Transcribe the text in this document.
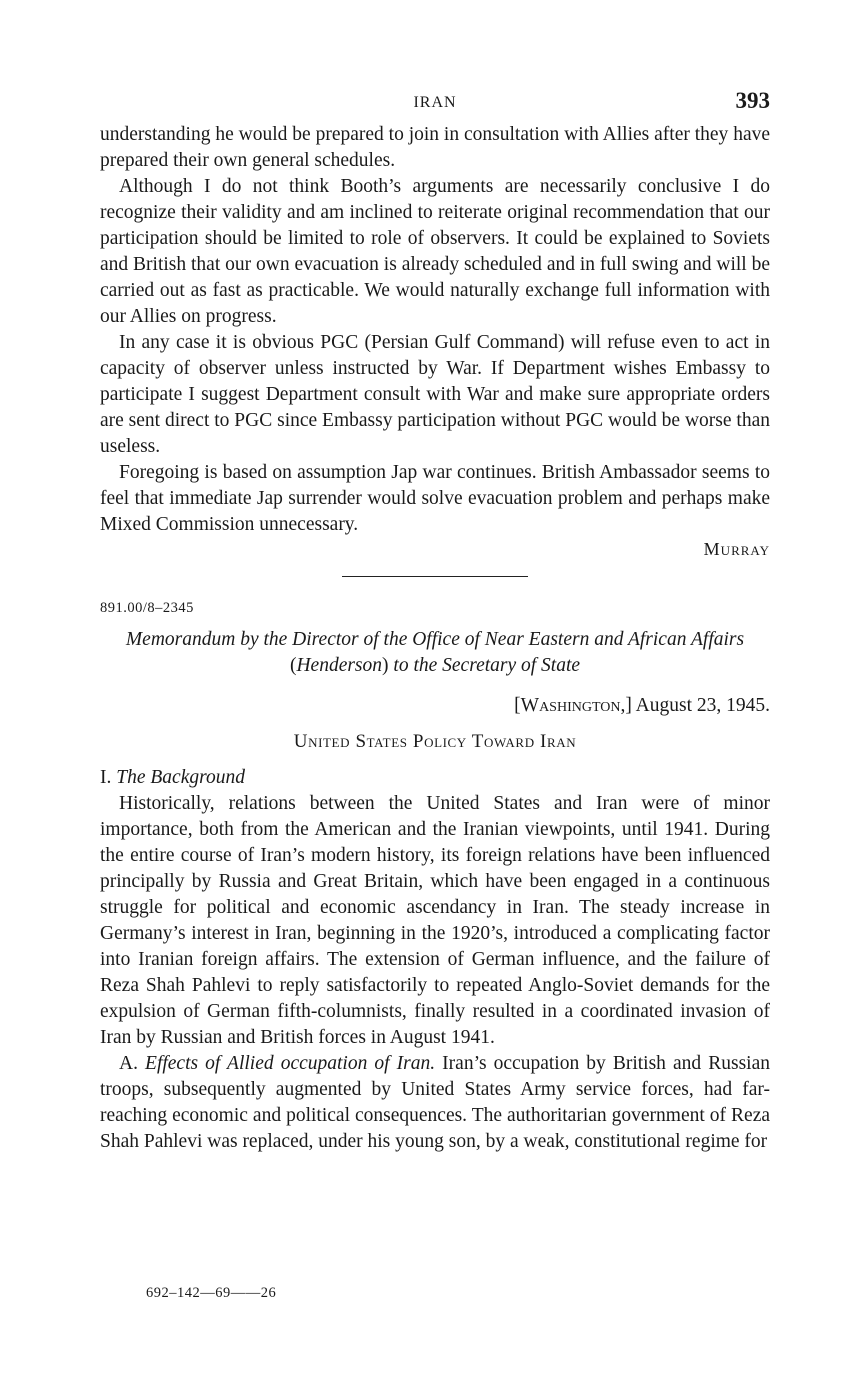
IRAN	393

understanding he would be prepared to join in consultation with Allies after they have prepared their own general schedules.

Although I do not think Booth’s arguments are necessarily conclusive I do recognize their validity and am inclined to reiterate original recommendation that our participation should be limited to role of observers. It could be explained to Soviets and British that our own evacuation is already scheduled and in full swing and will be carried out as fast as practicable. We would naturally exchange full information with our Allies on progress.

In any case it is obvious PGC (Persian Gulf Command) will refuse even to act in capacity of observer unless instructed by War. If Department wishes Embassy to participate I suggest Department consult with War and make sure appropriate orders are sent direct to PGC since Embassy participation without PGC would be worse than useless.

Foregoing is based on assumption Jap war continues. British Ambassador seems to feel that immediate Jap surrender would solve evacuation problem and perhaps make Mixed Commission unnecessary.

Murray

891.00/8–2345

Memorandum by the Director of the Office of Near Eastern and African Affairs (Henderson) to the Secretary of State

[Washington,] August 23, 1945.

United States Policy Toward Iran

I. The Background

Historically, relations between the United States and Iran were of minor importance, both from the American and the Iranian viewpoints, until 1941. During the entire course of Iran’s modern history, its foreign relations have been influenced principally by Russia and Great Britain, which have been engaged in a continuous struggle for political and economic ascendancy in Iran. The steady increase in Germany’s interest in Iran, beginning in the 1920’s, introduced a complicating factor into Iranian foreign affairs. The extension of German influence, and the failure of Reza Shah Pahlevi to reply satisfactorily to repeated Anglo-Soviet demands for the expulsion of German fifth-columnists, finally resulted in a coordinated invasion of Iran by Russian and British forces in August 1941.

A. Effects of Allied occupation of Iran. Iran’s occupation by British and Russian troops, subsequently augmented by United States Army service forces, had far-reaching economic and political consequences. The authoritarian government of Reza Shah Pahlevi was replaced, under his young son, by a weak, constitutional regime for

692–142—69——26
